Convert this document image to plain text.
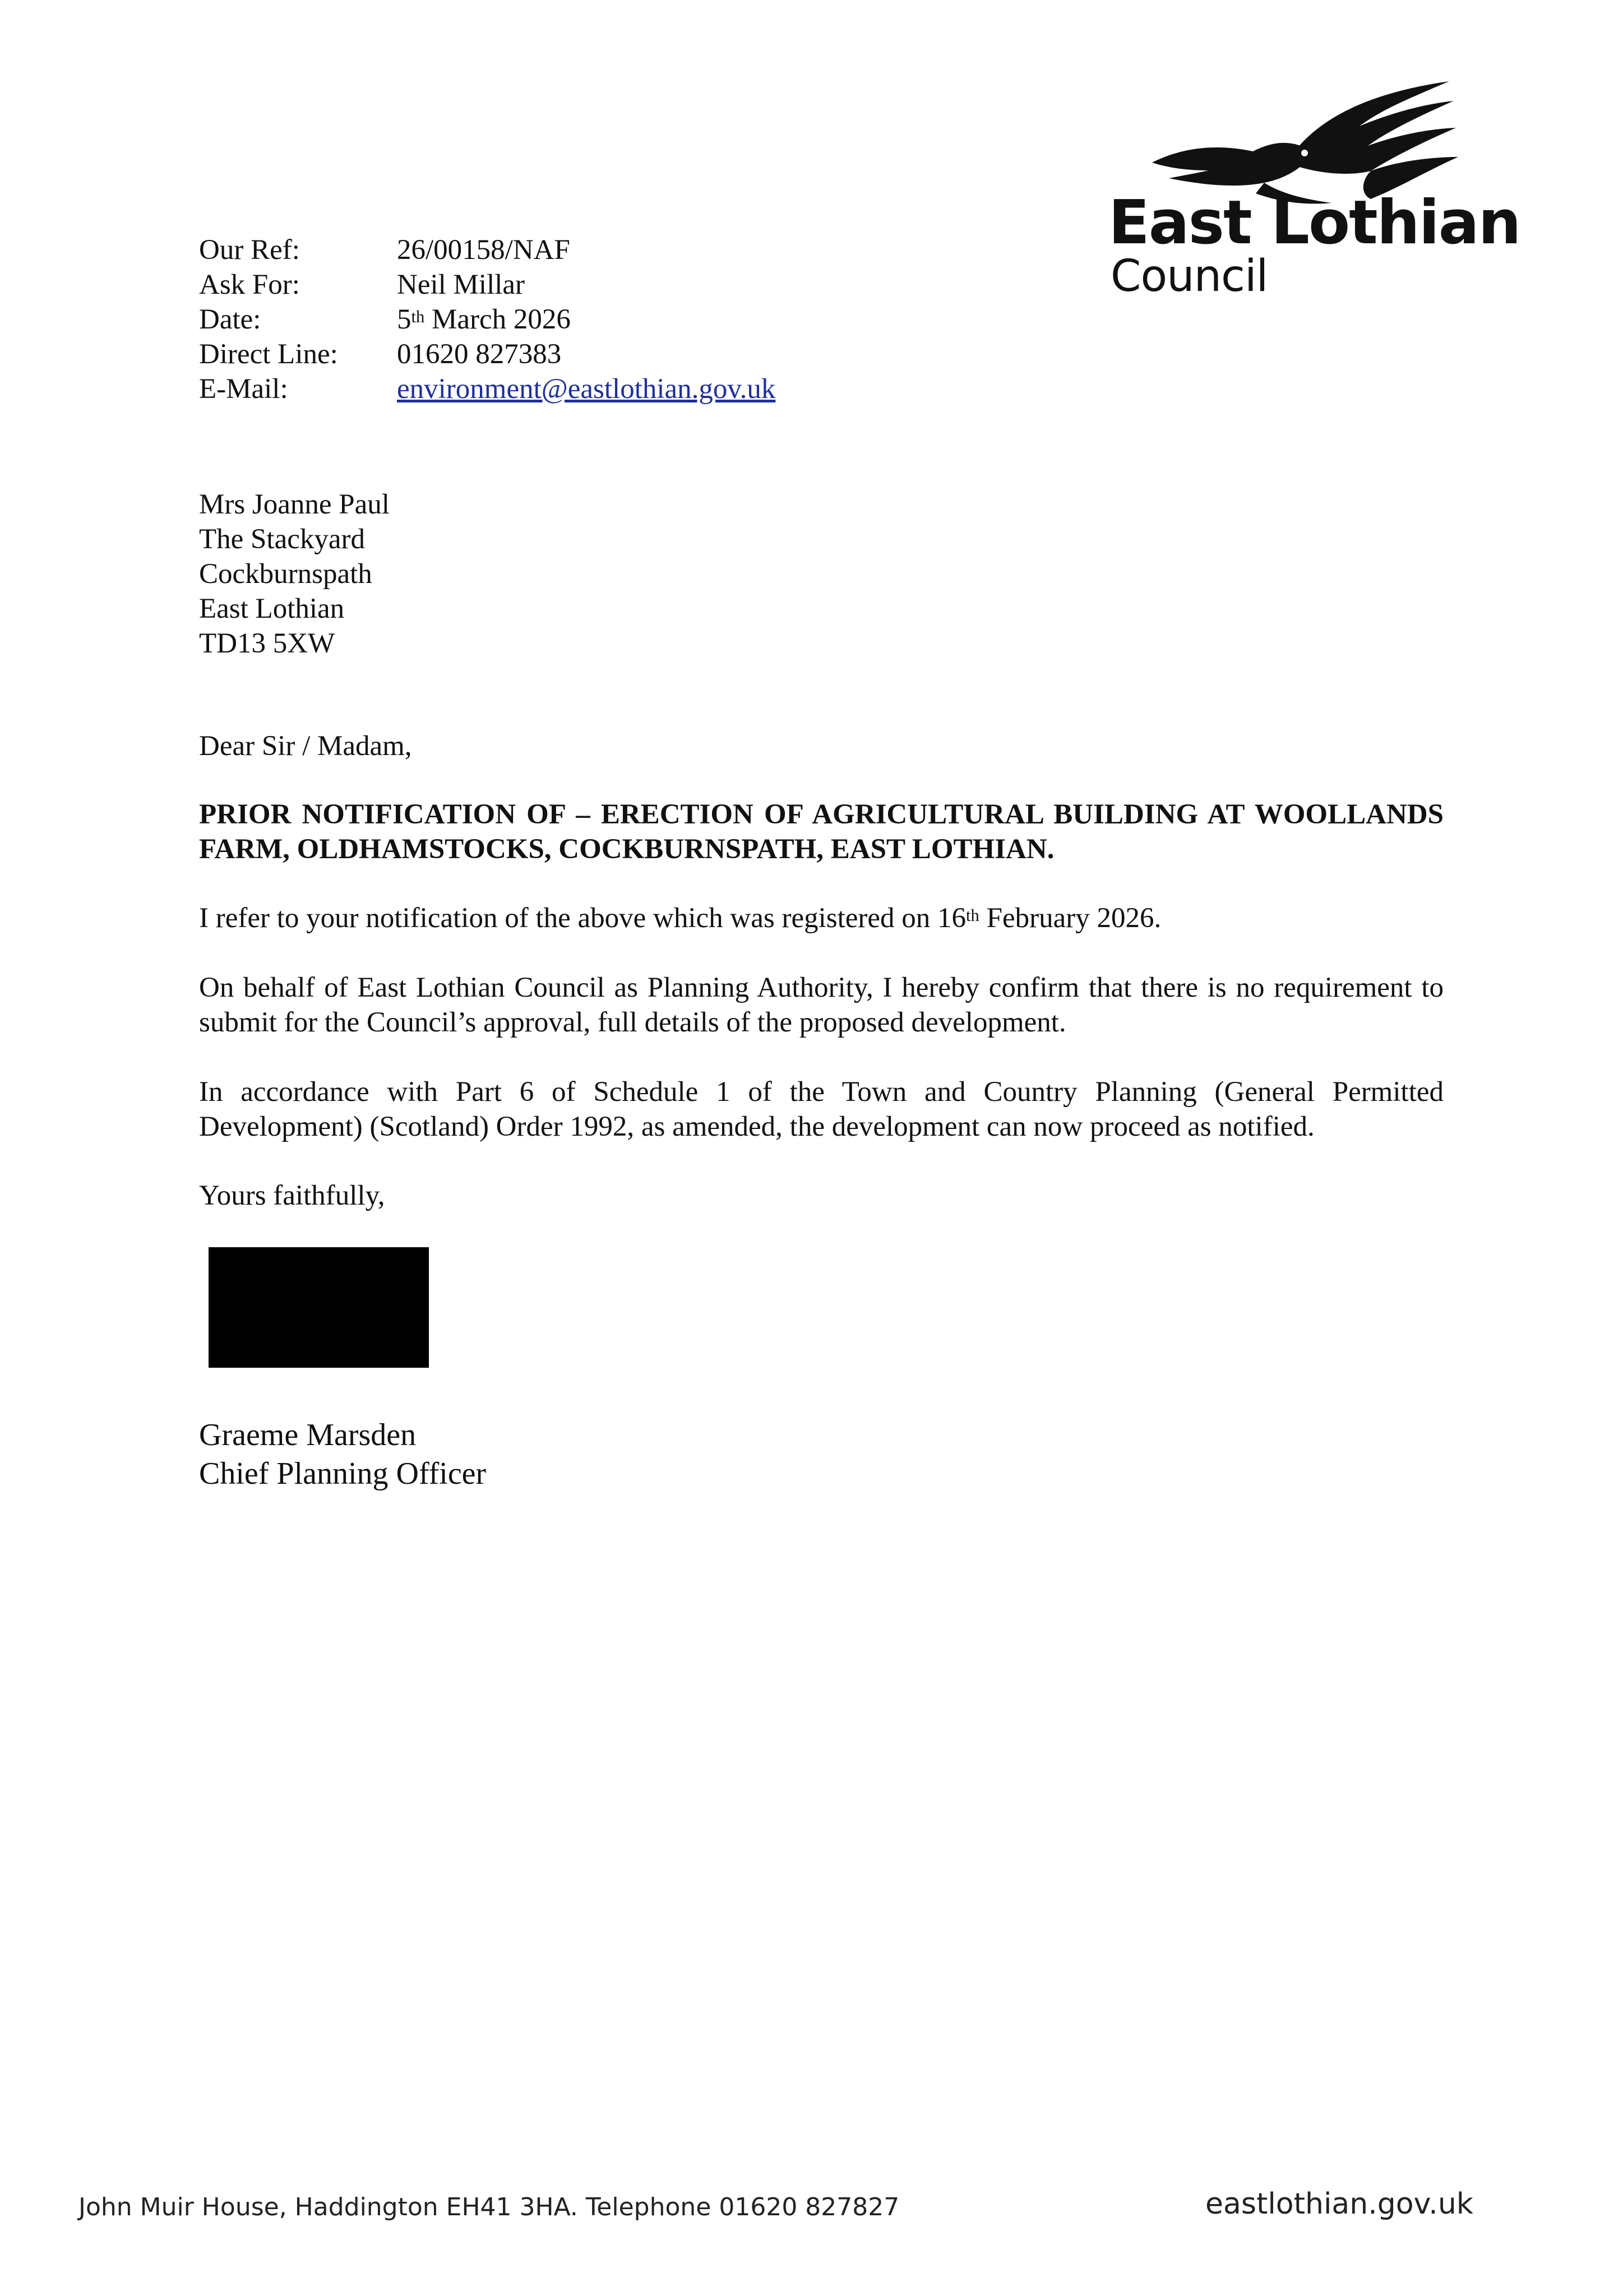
East Lothian
Council
Our Ref:	26/00158/NAF
Ask For:	Neil Millar
Date:	5th March 2026
Direct Line: 01620 827383
E-Mail:	environment@eastlothian.gov.uk
Mrs Joanne Paul
The Stackyard
Cockburnspath
East Lothian
TD13 5XW
Dear Sir / Madam,
PRIOR NOTIFICATION OF – ERECTION OF AGRICULTURAL BUILDING AT WOOLLANDS FARM, OLDHAMSTOCKS, COCKBURNSPATH, EAST LOTHIAN.
I refer to your notification of the above which was registered on 16th February 2026.
On behalf of East Lothian Council as Planning Authority, I hereby confirm that there is no requirement to submit for the Council’s approval, full details of the proposed development.
In accordance with Part 6 of Schedule 1 of the Town and Country Planning (General Permitted Development) (Scotland) Order 1992, as amended, the development can now proceed as notified.
Yours faithfully,
Graeme Marsden
Chief Planning Officer
John Muir House, Haddington EH41 3HA. Telephone 01620 827827	eastlothian.gov.uk
